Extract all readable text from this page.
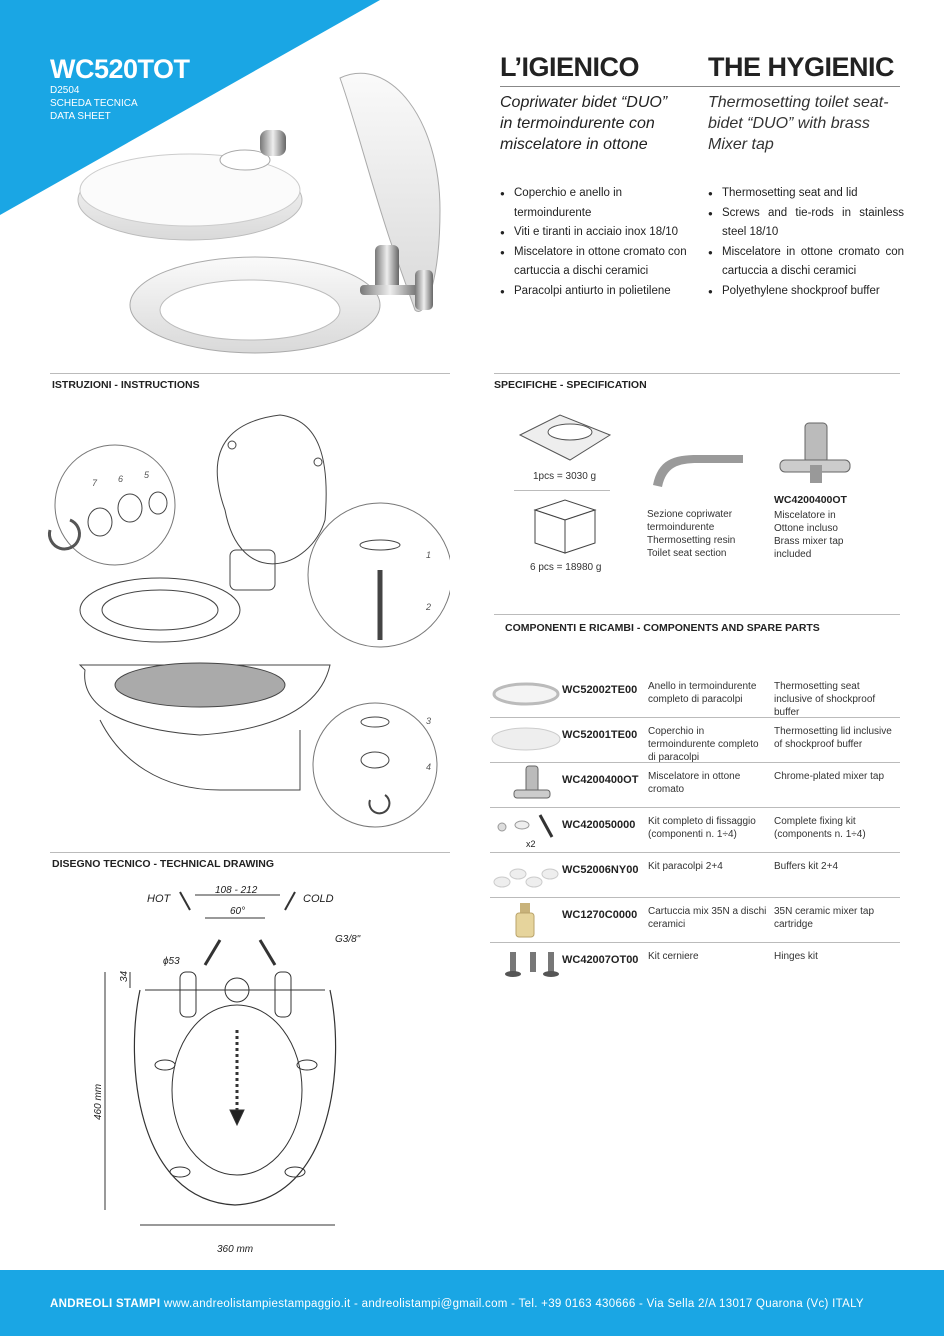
WC520TOT
D2504
SCHEDA TECNICA
DATA SHEET
L’IGIENICO	THE HYGIENIC
Copriwater bidet “DUO”
in termoindurente con
miscelatore in ottone
Thermosetting toilet seat-
bidet “DUO” with brass
Mixer tap
● Coperchio e anello in termoindurente
● Viti e tiranti in acciaio inox 18/10
● Miscelatore in ottone cromato con cartuccia a dischi ceramici
● Paracolpi antiurto in polietilene
● Thermosetting seat and lid
● Screws and tie-rods in stainless steel 18/10
● Miscelatore in ottone cromato con cartuccia a dischi ceramici
● Polyethylene shockproof buffer
ISTRUZIONI - INSTRUCTIONS	SPECIFICHE - SPECIFICATION
7 6 5
1
2
3
4
1pcs = 3030 g
6 pcs = 18980 g
Sezione copriwater
termoindurente
Thermosetting resin
Toilet seat section
WC4200400OT
Miscelatore in
Ottone incluso
Brass mixer tap
included
COMPONENTI E RICAMBI - COMPONENTS AND SPARE PARTS
WC52002TE00 Anello in termoindurente completo di paracolpi
Thermosetting seat inclusive of shockproof buffer
WC52001TE00 Coperchio in termoindurente completo di paracolpi
Thermosetting lid inclusive of shockproof buffer
WC4200400OT Miscelatore in ottone cromato
Chrome-plated mixer tap
x2
WC420050000 Kit completo di fissaggio (componenti n. 1÷4)
Complete fixing kit (components n. 1÷4)
WC52006NY00 Kit paracolpi 2+4	Buffers kit 2+4
WC1270C0000 Cartuccia mix 35N a dischi ceramici
35N ceramic mixer tap cartridge
WC42007OT00 Kit cerniere	Hinges kit
DISEGNO TECNICO - TECHNICAL DRAWING
HOT	COLD
108 - 212
60°
G3/8"
ϕ53
34
460 mm
360 mm
ANDREOLI STAMPI www.andreolistampiestampaggio.it - andreolistampi@gmail.com - Tel. +39 0163 430666 - Via Sella 2/A 13017 Quarona (Vc) ITALY
